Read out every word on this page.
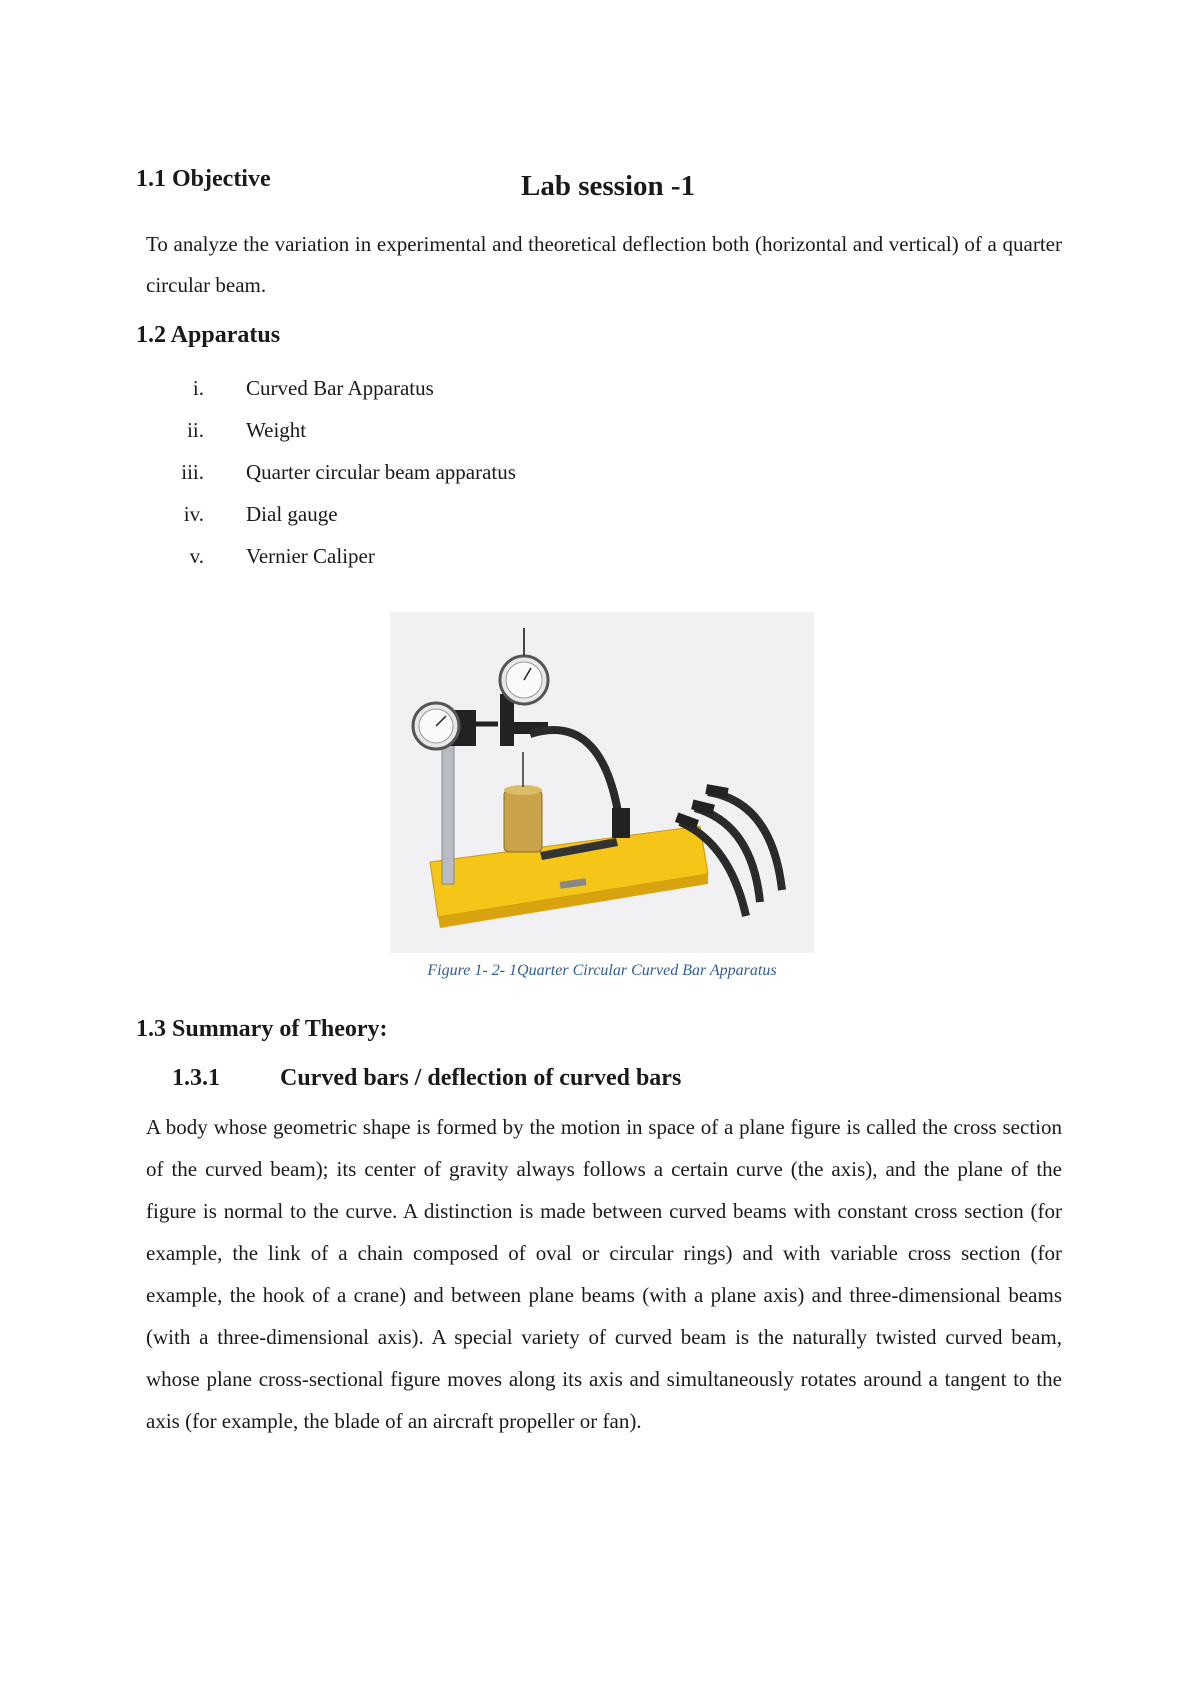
1.1 Objective	Lab session -1
To analyze the variation in experimental and theoretical deflection both (horizontal and vertical) of a quarter circular beam.
1.2 Apparatus
i. Curved Bar Apparatus
ii. Weight
iii. Quarter circular beam apparatus
iv. Dial gauge
v. Vernier Caliper
Figure 1- 2- 1Quarter Circular Curved Bar Apparatus
1.3 Summary of Theory:
1.3.1	Curved bars / deflection of curved bars
A body whose geometric shape is formed by the motion in space of a plane figure is called the cross section of the curved beam); its center of gravity always follows a certain curve (the axis), and the plane of the figure is normal to the curve. A distinction is made between curved beams with constant cross section (for example, the link of a chain composed of oval or circular rings) and with variable cross section (for example, the hook of a crane) and between plane beams (with a plane axis) and three-dimensional beams (with a three-dimensional axis). A special variety of curved beam is the naturally twisted curved beam, whose plane cross-sectional figure moves along its axis and simultaneously rotates around a tangent to the axis (for example, the blade of an aircraft propeller or fan).
